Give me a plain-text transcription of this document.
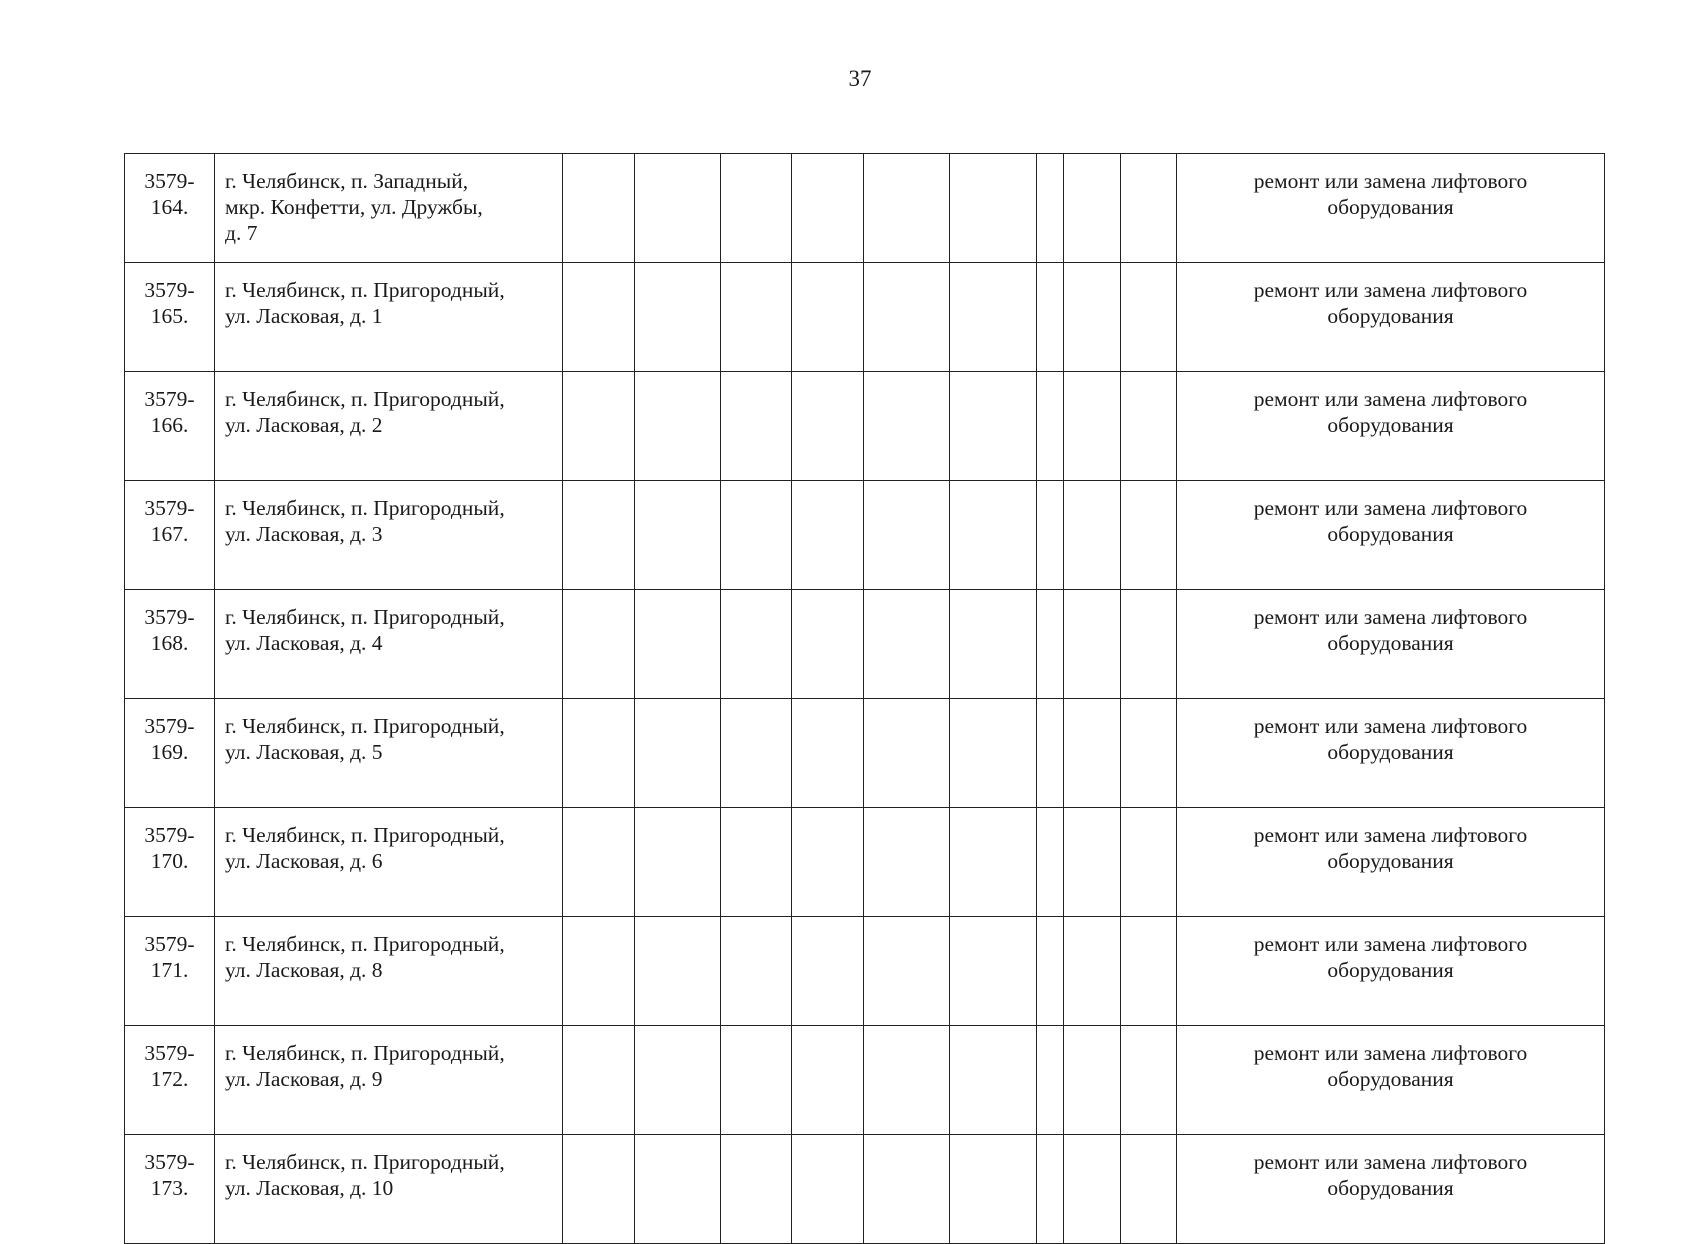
37
3579-
164.	г. Челябинск, п. Западный,
мкр. Конфетти, ул. Дружбы,
д. 7										ремонт или замена лифтового
оборудования

3579-
165.	г. Челябинск, п. Пригородный,
ул. Ласковая, д. 1										ремонт или замена лифтового
оборудования

3579-
166.	г. Челябинск, п. Пригородный,
ул. Ласковая, д. 2										ремонт или замена лифтового
оборудования

3579-
167.	г. Челябинск, п. Пригородный,
ул. Ласковая, д. 3										ремонт или замена лифтового
оборудования

3579-
168.	г. Челябинск, п. Пригородный,
ул. Ласковая, д. 4										ремонт или замена лифтового
оборудования

3579-
169.	г. Челябинск, п. Пригородный,
ул. Ласковая, д. 5										ремонт или замена лифтового
оборудования

3579-
170.	г. Челябинск, п. Пригородный,
ул. Ласковая, д. 6										ремонт или замена лифтового
оборудования

3579-
171.	г. Челябинск, п. Пригородный,
ул. Ласковая, д. 8										ремонт или замена лифтового
оборудования

3579-
172.	г. Челябинск, п. Пригородный,
ул. Ласковая, д. 9										ремонт или замена лифтового
оборудования

3579-
173.	г. Челябинск, п. Пригородный,
ул. Ласковая, д. 10										ремонт или замена лифтового
оборудования
